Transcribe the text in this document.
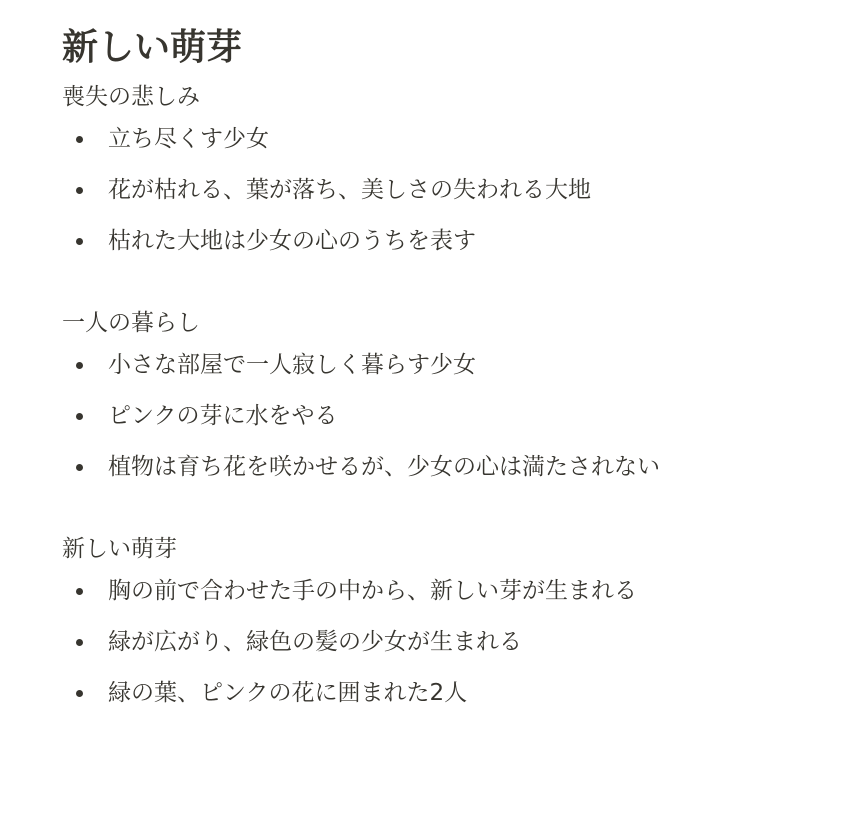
新しい萌芽

喪失の悲しみ

立ち尽くす少女
花が枯れる、葉が落ち、美しさの失われる大地
枯れた大地は少女の心のうちを表す

一人の暮らし

小さな部屋で一人寂しく暮らす少女
ピンクの芽に水をやる
植物は育ち花を咲かせるが、少女の心は満たされない

新しい萌芽

胸の前で合わせた手の中から、新しい芽が生まれる
緑が広がり、緑色の髪の少女が生まれる
緑の葉、ピンクの花に囲まれた2人
